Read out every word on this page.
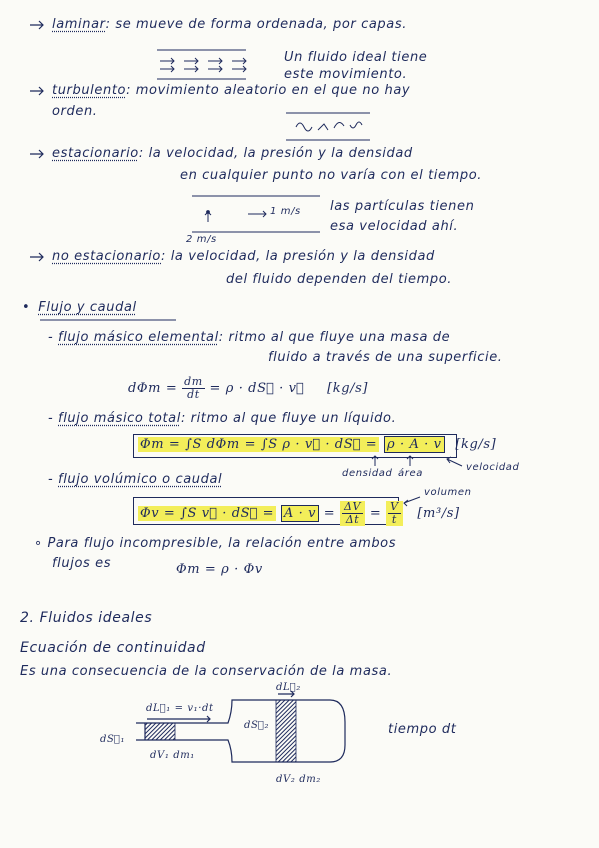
laminar: se mueve de forma ordenada, por capas.
Un fluido ideal tiene
este movimiento.
turbulento: movimiento aleatorio en el que no hay
orden.
estacionario: la velocidad, la presión y la densidad
en cualquier punto no varía con el tiempo.
1 m/s
2 m/s
las partículas tienen
esa velocidad ahí.
no estacionario: la velocidad, la presión y la densidad
del fluido dependen del tiempo.
• Flujo y caudal
- flujo másico elemental: ritmo al que fluye una masa de
fluido a través de una superficie.
$d\Phi m = \frac{dm}{dt} = \rho$ · dS⃗ · v⃗ [kg/s]
- flujo másico total: ritmo al que fluye un líquido.
Φm = ∫S dΦm = ∫S ρ · v⃗ · dS⃗ = ρ · A · v [kg/s]
densidad área
velocidad
- flujo volúmico o caudal
volumen
Φv = ∫S v⃗ · dS⃗ = $A \cdot v = \frac{\Delta V}{\Delta t} = \frac{V}{t} [m^3/s]$
∘ Para flujo incompresible, la relación entre ambos
flujos es	Φm = ρ · Φv
2. Fluidos ideales
Ecuación de continuidad
Es una consecuencia de la conservación de la masa.
dL⃗₁ = v₁·dt
dS⃗₁
dV₁ dm₁
dL⃗₂
dS⃗₂
dV₂ dm₂
tiempo dt
